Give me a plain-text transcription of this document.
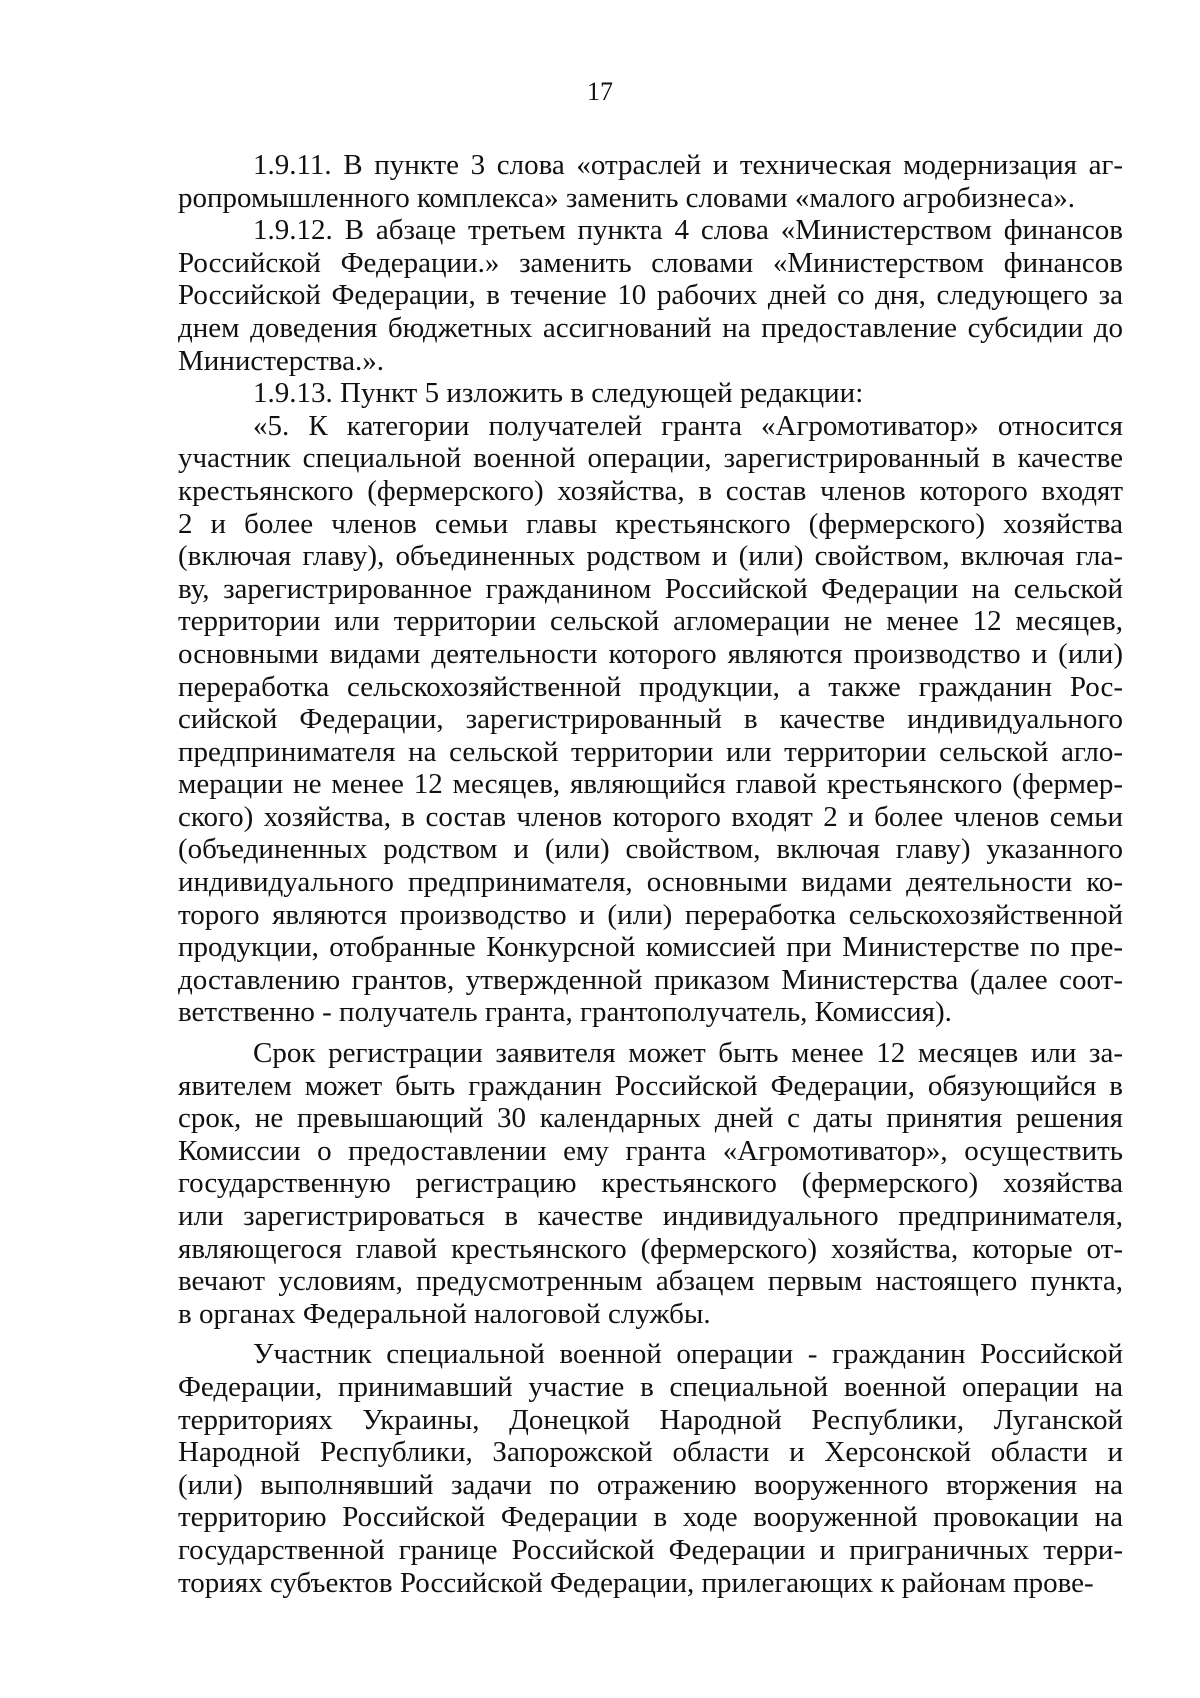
17
1.9.11. В пункте 3 слова «отраслей и техническая модернизация аг-
ропромышленного комплекса» заменить словами «малого агробизнеса».
1.9.12. В абзаце третьем пункта 4 слова «Министерством финансов
Российской Федерации.» заменить словами «Министерством финансов
Российской Федерации, в течение 10 рабочих дней со дня, следующего за
днем доведения бюджетных ассигнований на предоставление субсидии до
Министерства.».
1.9.13. Пункт 5 изложить в следующей редакции:
«5. К категории получателей гранта «Агромотиватор» относится
участник специальной военной операции, зарегистрированный в качестве
крестьянского (фермерского) хозяйства, в состав членов которого входят
2 и более членов семьи главы крестьянского (фермерского) хозяйства
(включая главу), объединенных родством и (или) свойством, включая гла-
ву, зарегистрированное гражданином Российской Федерации на сельской
территории или территории сельской агломерации не менее 12 месяцев,
основными видами деятельности которого являются производство и (или)
переработка сельскохозяйственной продукции, а также гражданин Рос-
сийской Федерации, зарегистрированный в качестве индивидуального
предпринимателя на сельской территории или территории сельской агло-
мерации не менее 12 месяцев, являющийся главой крестьянского (фермер-
ского) хозяйства, в состав членов которого входят 2 и более членов семьи
(объединенных родством и (или) свойством, включая главу) указанного
индивидуального предпринимателя, основными видами деятельности ко-
торого являются производство и (или) переработка сельскохозяйственной
продукции, отобранные Конкурсной комиссией при Министерстве по пре-
доставлению грантов, утвержденной приказом Министерства (далее соот-
ветственно - получатель гранта, грантополучатель, Комиссия).
Срок регистрации заявителя может быть менее 12 месяцев или за-
явителем может быть гражданин Российской Федерации, обязующийся в
срок, не превышающий 30 календарных дней с даты принятия решения
Комиссии о предоставлении ему гранта «Агромотиватор», осуществить
государственную регистрацию крестьянского (фермерского) хозяйства
или зарегистрироваться в качестве индивидуального предпринимателя,
являющегося главой крестьянского (фермерского) хозяйства, которые от-
вечают условиям, предусмотренным абзацем первым настоящего пункта,
в органах Федеральной налоговой службы.
Участник специальной военной операции - гражданин Российской
Федерации, принимавший участие в специальной военной операции на
территориях Украины, Донецкой Народной Республики, Луганской
Народной Республики, Запорожской области и Херсонской области и
(или) выполнявший задачи по отражению вооруженного вторжения на
территорию Российской Федерации в ходе вооруженной провокации на
государственной границе Российской Федерации и приграничных терри-
ториях субъектов Российской Федерации, прилегающих к районам прове-
